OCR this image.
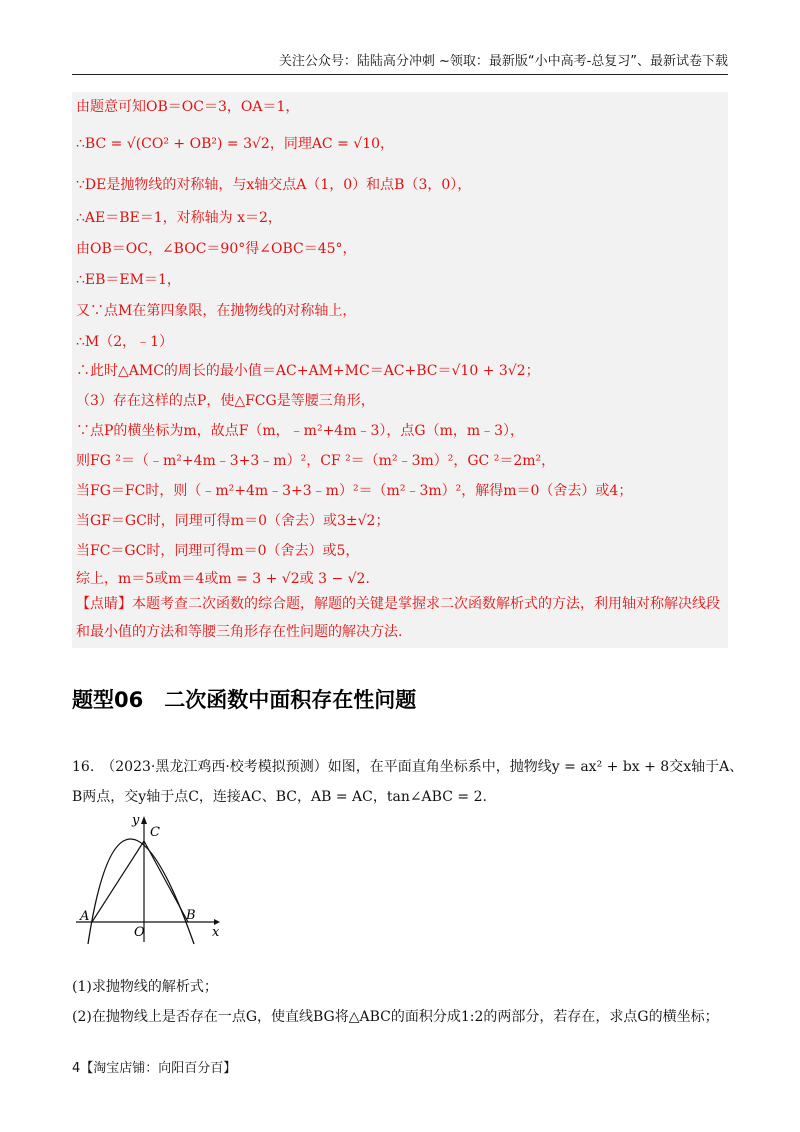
关注公众号：陆陆高分冲刺 ~领取：最新版“小中高考-总复习”、最新试卷下载
由题意可知OB＝OC＝3，OA＝1，
∴BC = √(CO² + OB²) = 3√2，同理AC = √10，
∵DE是抛物线的对称轴，与x轴交点A（1，0）和点B（3，0），
∴AE＝BE＝1，对称轴为 x＝2，
由OB＝OC，∠BOC＝90°得∠OBC＝45°，
∴EB＝EM＝1，
又∵点M在第四象限，在抛物线的对称轴上，
∴M（2，﹣1）
∴此时△AMC的周长的最小值＝AC+AM+MC＝AC+BC＝√10 + 3√2；
（3）存在这样的点P，使△FCG是等腰三角形，
∵点P的横坐标为m，故点F（m，﹣m²+4m﹣3），点G（m，m﹣3），
则FG ²＝（﹣m²+4m﹣3+3﹣m）²，CF ²＝（m²﹣3m）²，GC ²＝2m²，
当FG＝FC时，则（﹣m²+4m﹣3+3﹣m）²＝（m²﹣3m）²，解得m＝0（舍去）或4；
当GF＝GC时，同理可得m＝0（舍去）或3±√2；
当FC＝GC时，同理可得m＝0（舍去）或5，
综上，m＝5或m＝4或m = 3 + √2或 3 − √2．
【点睛】本题考查二次函数的综合题，解题的关键是掌握求二次函数解析式的方法，利用轴对称解决线段和最小值的方法和等腰三角形存在性问题的解决方法.
题型06　二次函数中面积存在性问题
16.　（2023·黑龙江鸡西·校考模拟预测）如图，在平面直角坐标系中，抛物线y = ax² + bx + 8交x轴于A、
B两点，交y轴于点C，连接AC、BC，AB = AC，tan∠ABC = 2.
y
C
A	B
O	x
(1)求抛物线的解析式；
(2)在抛物线上是否存在一点G，使直线BG将△ABC的面积分成1:2的两部分，若存在，求点G的横坐标；
4【淘宝店铺：向阳百分百】
